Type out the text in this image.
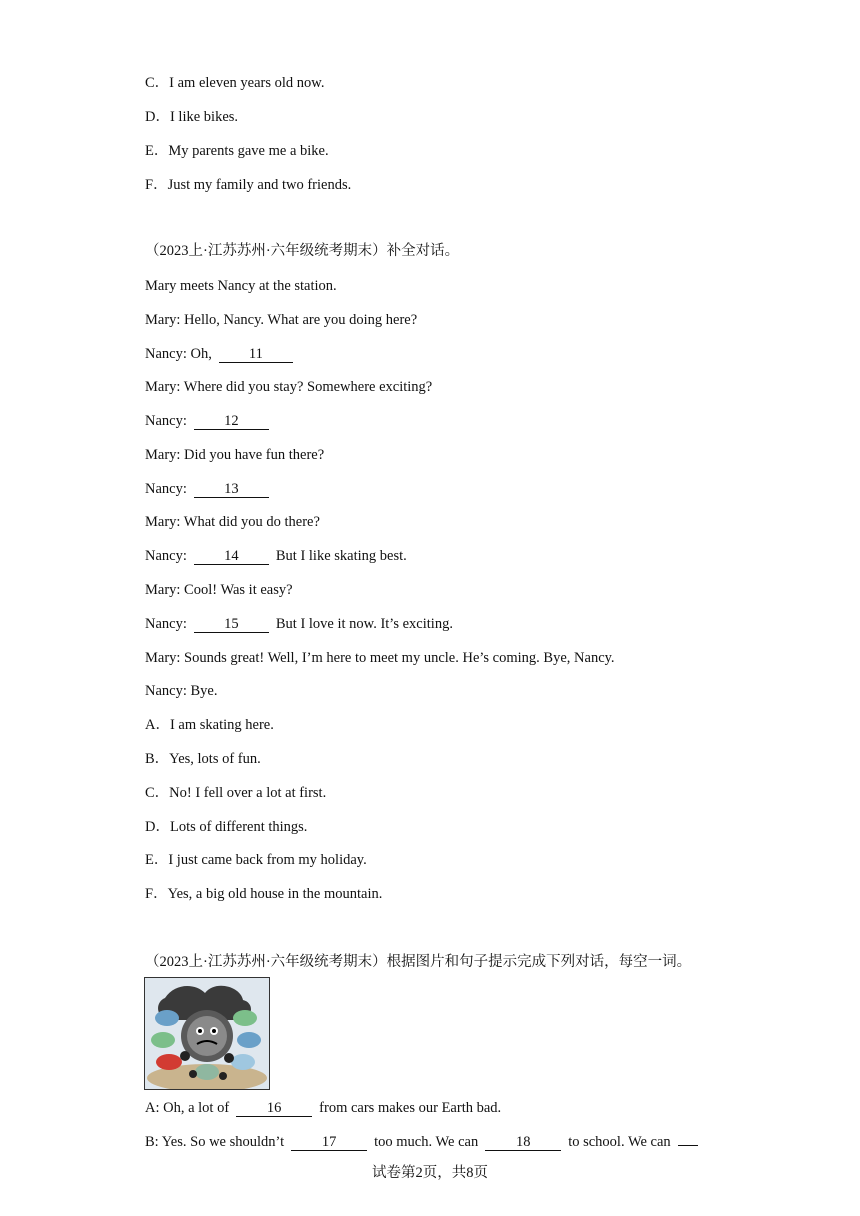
C．I am eleven years old now.
D．I like bikes.
E．My parents gave me a bike.
F．Just my family and two friends.
（2023上·江苏苏州·六年级统考期末）补全对话。
Mary meets Nancy at the station.
Mary: Hello, Nancy. What are you doing here?
Nancy: Oh,	11
Mary: Where did you stay? Somewhere exciting?
Nancy:	12
Mary: Did you have fun there?
Nancy:	13
Mary: What did you do there?
Nancy:	14	But I like skating best.
Mary: Cool! Was it easy?
Nancy:	15	But I love it now. It’s exciting.
Mary: Sounds great! Well, I’m here to meet my uncle. He’s coming. Bye, Nancy.
Nancy: Bye.
A．I am skating here.
B．Yes, lots of fun.
C．No! I fell over a lot at first.
D．Lots of different things.
E．I just came back from my holiday.
F．Yes, a big old house in the mountain.
（2023上·江苏苏州·六年级统考期末）根据图片和句子提示完成下列对话，每空一词。
A: Oh, a lot of	16	from cars makes our Earth bad.
B: Yes. So we shouldn’t	17	too much. We can	18	to school. We can
试卷第2页，共8页
